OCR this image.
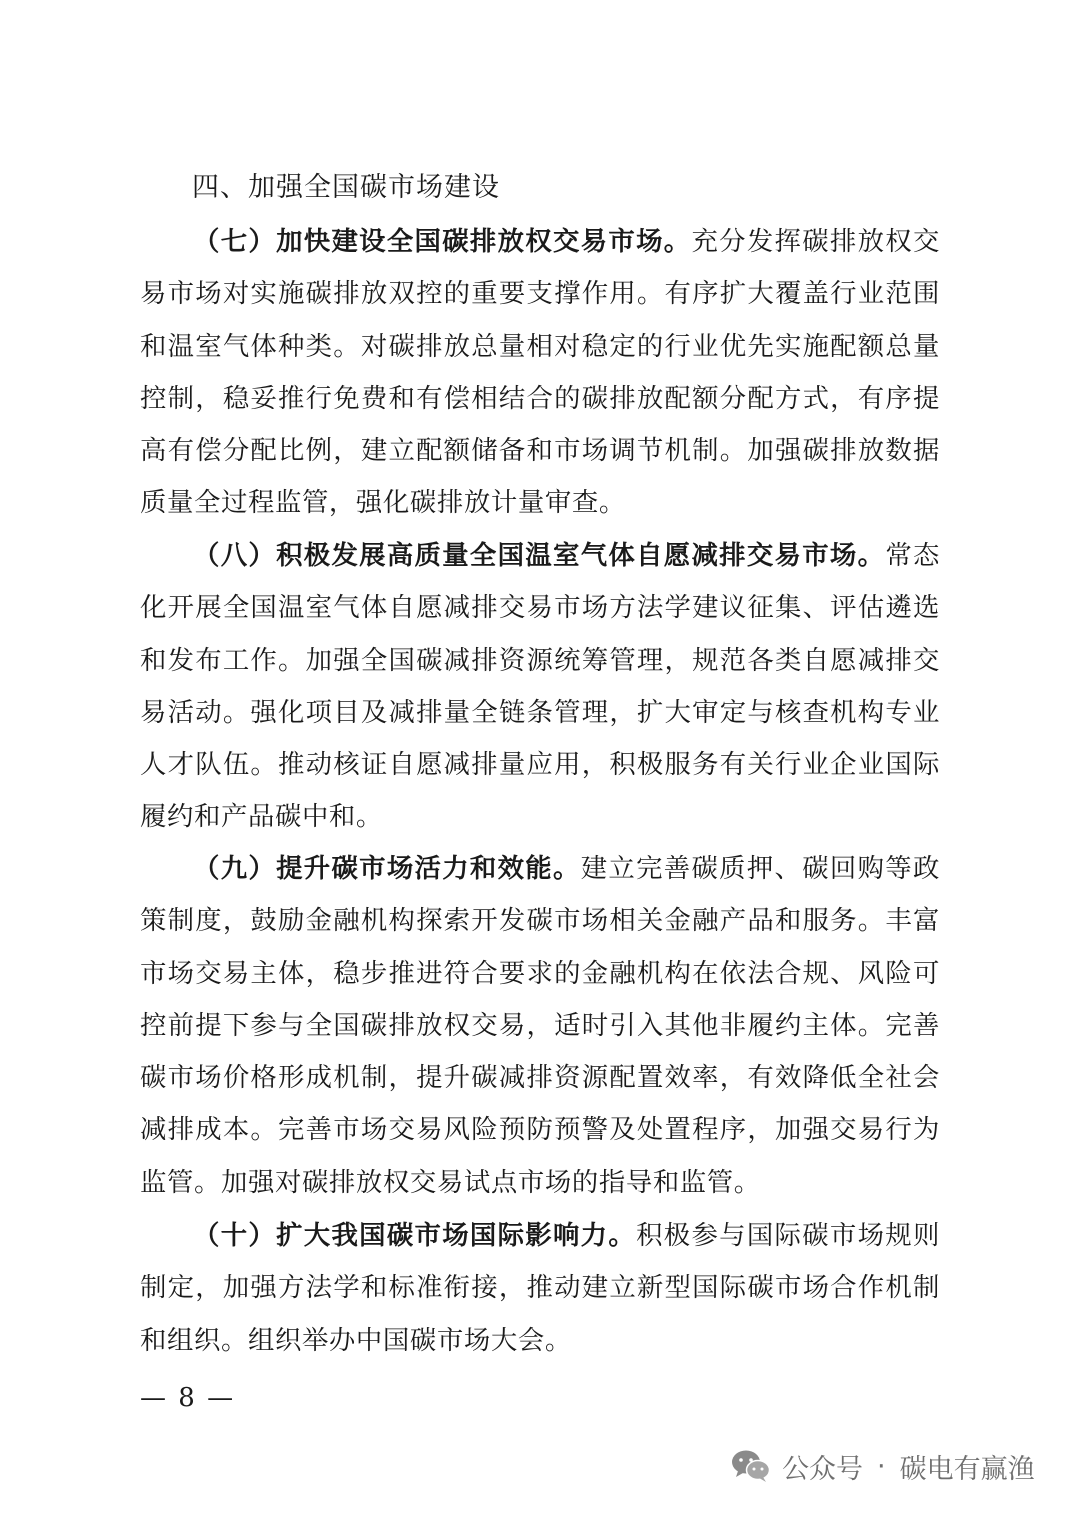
四、加强全国碳市场建设

（七）加快建设全国碳排放权交易市场。充分发挥碳排放权交易市场对实施碳排放双控的重要支撑作用。有序扩大覆盖行业范围和温室气体种类。对碳排放总量相对稳定的行业优先实施配额总量控制，稳妥推行免费和有偿相结合的碳排放配额分配方式，有序提高有偿分配比例，建立配额储备和市场调节机制。加强碳排放数据质量全过程监管，强化碳排放计量审查。

（八）积极发展高质量全国温室气体自愿减排交易市场。常态化开展全国温室气体自愿减排交易市场方法学建议征集、评估遴选和发布工作。加强全国碳减排资源统筹管理，规范各类自愿减排交易活动。强化项目及减排量全链条管理，扩大审定与核查机构专业人才队伍。推动核证自愿减排量应用，积极服务有关行业企业国际履约和产品碳中和。

（九）提升碳市场活力和效能。建立完善碳质押、碳回购等政策制度，鼓励金融机构探索开发碳市场相关金融产品和服务。丰富市场交易主体，稳步推进符合要求的金融机构在依法合规、风险可控前提下参与全国碳排放权交易，适时引入其他非履约主体。完善碳市场价格形成机制，提升碳减排资源配置效率，有效降低全社会减排成本。完善市场交易风险预防预警及处置程序，加强交易行为监管。加强对碳排放权交易试点市场的指导和监管。

（十）扩大我国碳市场国际影响力。积极参与国际碳市场规则制定，加强方法学和标准衔接，推动建立新型国际碳市场合作机制和组织。组织举办中国碳市场大会。

— 8 —
公众号 · 碳电有赢渔
